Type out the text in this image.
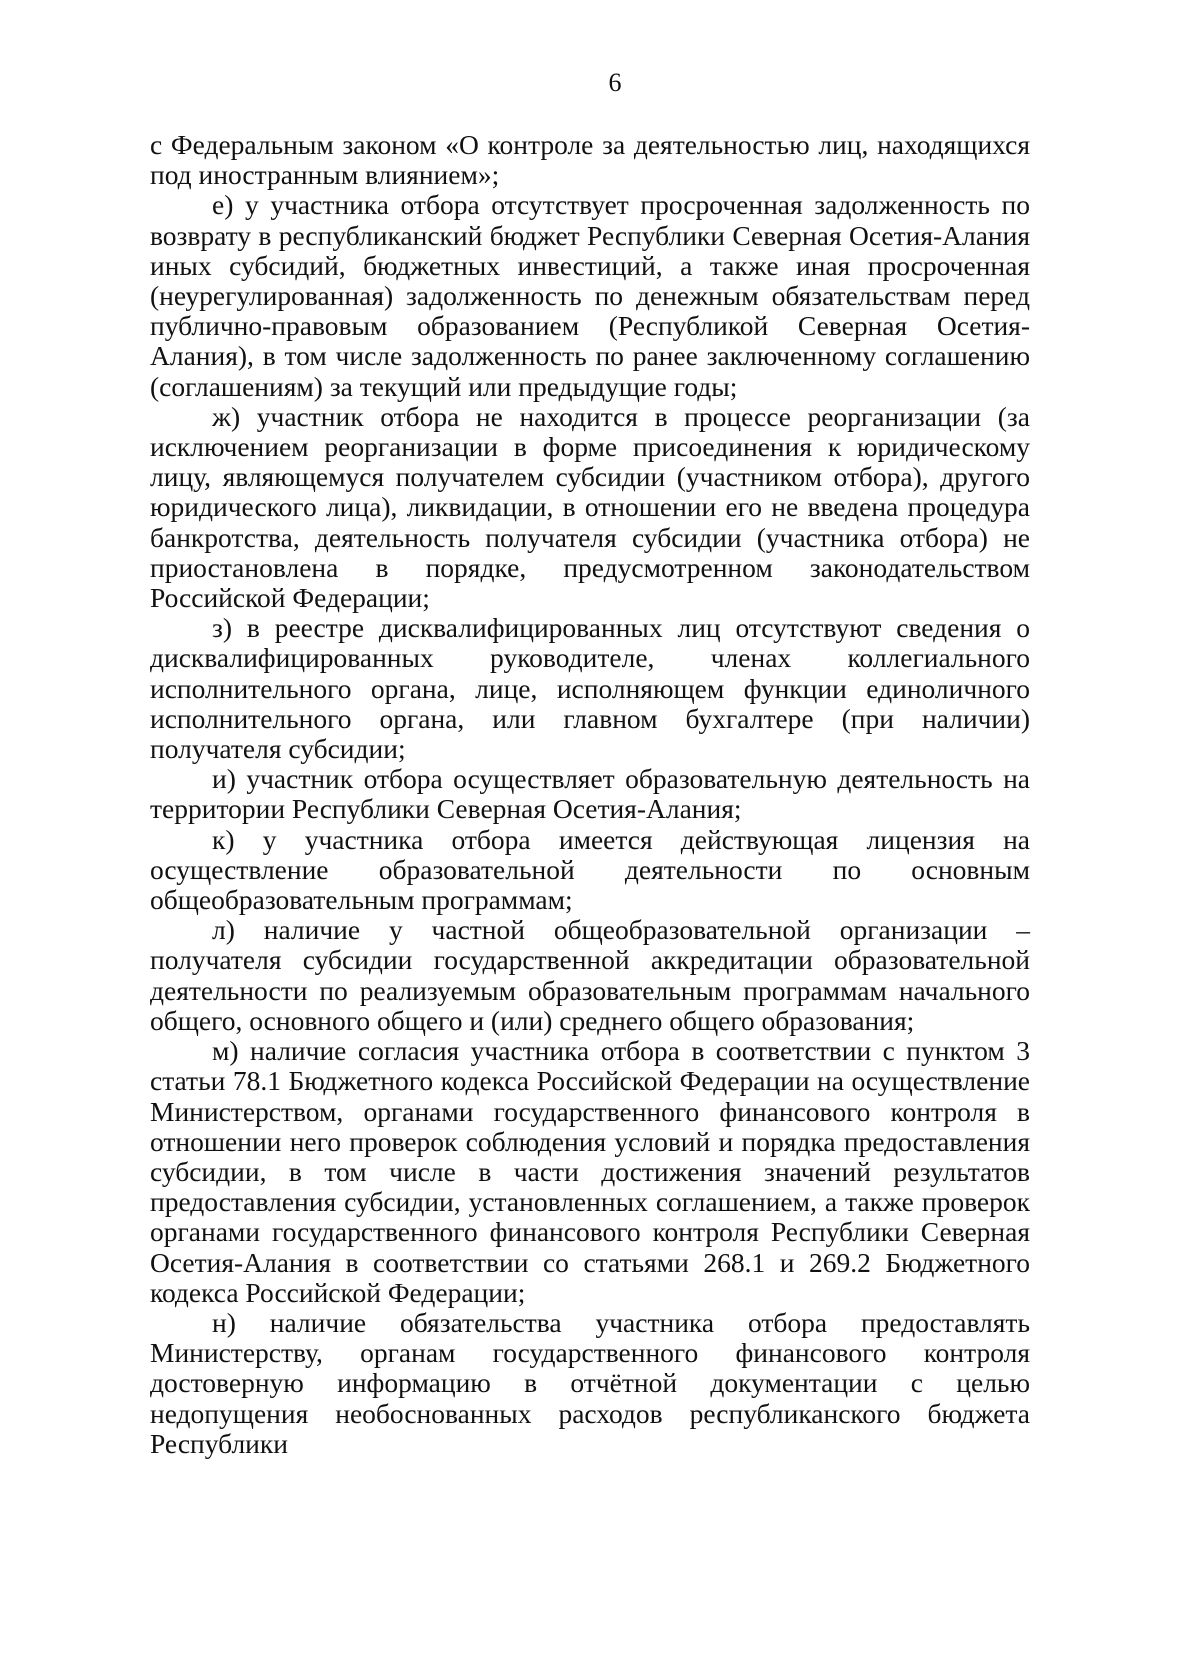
6

с Федеральным законом «О контроле за деятельностью лиц, находящихся под иностранным влиянием»;

е) у участника отбора отсутствует просроченная задолженность по возврату в республиканский бюджет Республики Северная Осетия-Алания иных субсидий, бюджетных инвестиций, а также иная просроченная (неурегулированная) задолженность по денежным обязательствам перед публично-правовым образованием (Республикой Северная Осетия-Алания), в том числе задолженность по ранее заключенному соглашению (соглашениям) за текущий или предыдущие годы;

ж) участник отбора не находится в процессе реорганизации (за исключением реорганизации в форме присоединения к юридическому лицу, являющемуся получателем субсидии (участником отбора), другого юридического лица), ликвидации, в отношении его не введена процедура банкротства, деятельность получателя субсидии (участника отбора) не приостановлена в порядке, предусмотренном законодательством Российской Федерации;

з) в реестре дисквалифицированных лиц отсутствуют сведения о дисквалифицированных руководителе, членах коллегиального исполнительного органа, лице, исполняющем функции единоличного исполнительного органа, или главном бухгалтере (при наличии) получателя субсидии;

и) участник отбора осуществляет образовательную деятельность на территории Республики Северная Осетия-Алания;

к) у участника отбора имеется действующая лицензия на осуществление образовательной деятельности по основным общеобразовательным программам;

л) наличие у частной общеобразовательной организации – получателя субсидии государственной аккредитации образовательной деятельности по реализуемым образовательным программам начального общего, основного общего и (или) среднего общего образования;

м) наличие согласия участника отбора в соответствии с пунктом 3 статьи 78.1 Бюджетного кодекса Российской Федерации на осуществление Министерством, органами государственного финансового контроля в отношении него проверок соблюдения условий и порядка предоставления субсидии, в том числе в части достижения значений результатов предоставления субсидии, установленных соглашением, а также проверок органами государственного финансового контроля Республики Северная Осетия-Алания в соответствии со статьями 268.1 и 269.2 Бюджетного кодекса Российской Федерации;

н) наличие обязательства участника отбора предоставлять Министерству, органам государственного финансового контроля достоверную информацию в отчётной документации с целью недопущения необоснованных расходов республиканского бюджета Республики
